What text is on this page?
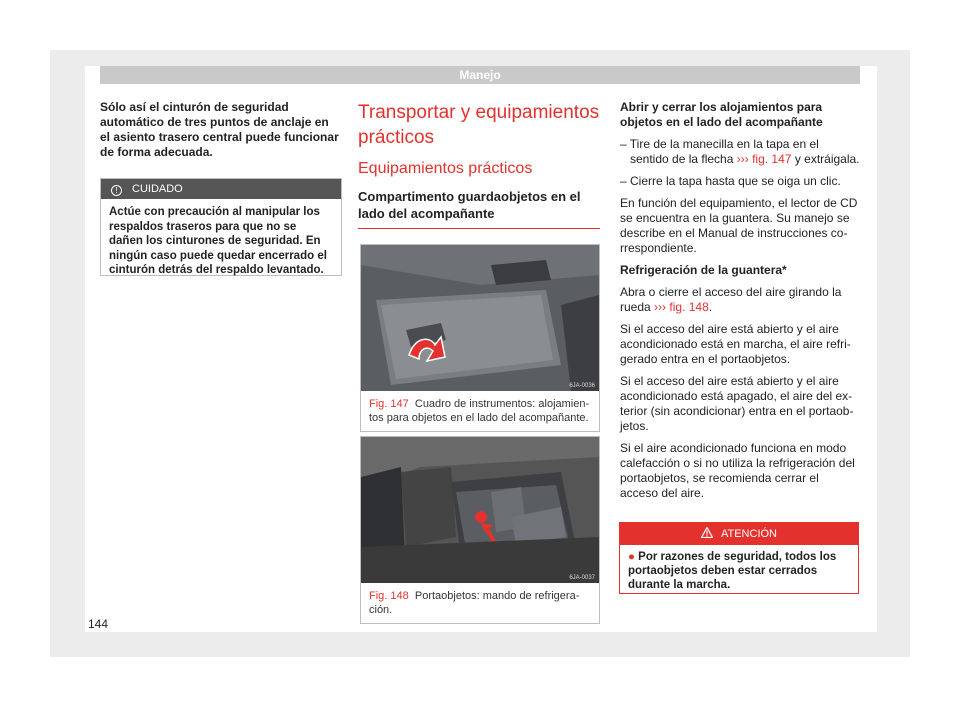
Manejo

Sólo así el cinturón de seguridad automático de tres puntos de anclaje en el asiento trasero central puede funcionar de forma adecuada.

! CUIDADO
Actúe con precaución al manipular los respaldos traseros para que no se dañen los cinturones de seguridad. En ningún caso puede quedar encerrado el cinturón detrás del respaldo levantado.
Transportar y equipamientos prácticos
Equipamientos prácticos
Compartimento guardaobjetos en el lado del acompañante
6JA-0036
Fig. 147 Cuadro de instrumentos: alojamientos para objetos en el lado del acompañante.
6JA-0037
Fig. 148 Portaobjetos: mando de refrigeración.

Abrir y cerrar los alojamientos para objetos en el lado del acompañante

– Tire de la manecilla en la tapa en el sentido de la flecha ››› fig. 147 y extráigala.

– Cierre la tapa hasta que se oiga un clic.

En función del equipamiento, el lector de CD se encuentra en la guantera. Su manejo se describe en el Manual de instrucciones correspondiente.

Refrigeración de la guantera*

Abra o cierre el acceso del aire girando la rueda ››› fig. 148.

Si el acceso del aire está abierto y el aire acondicionado está en marcha, el aire refrigerado entra en el portaobjetos.

Si el acceso del aire está abierto y el aire acondicionado está apagado, el aire del exterior (sin acondicionar) entra en el portaobjetos.

Si el aire acondicionado funciona en modo calefacción o si no utiliza la refrigeración del portaobjetos, se recomienda cerrar el acceso del aire.

ATENCIÓN
● Por razones de seguridad, todos los portaobjetos deben estar cerrados durante la marcha.
144
